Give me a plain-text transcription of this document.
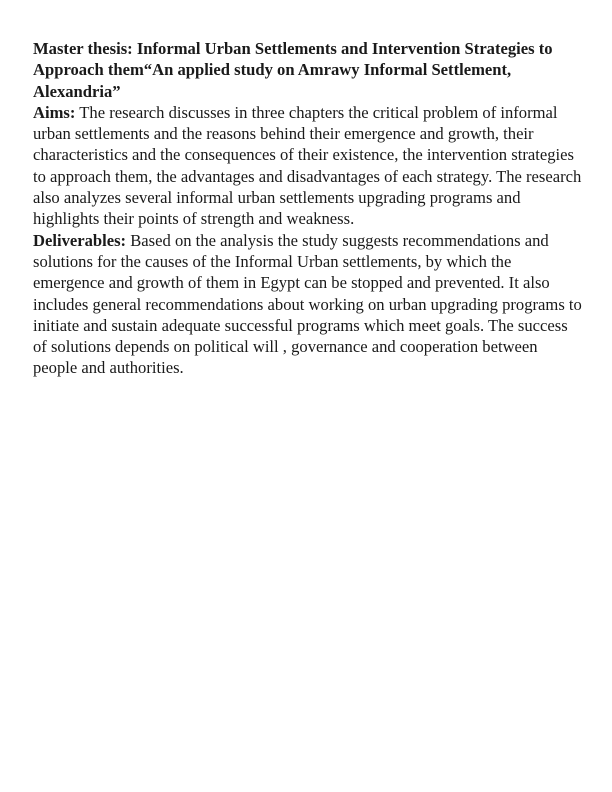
Master thesis: Informal Urban Settlements and Intervention Strategies to Approach them“An applied study on Amrawy Informal Settlement, Alexandria”

Aims: The research discusses in three chapters the critical problem of informal urban settlements and the reasons behind their emergence and growth, their characteristics and the consequences of their existence, the intervention strategies to approach them, the advantages and disadvantages of each strategy. The research also analyzes several informal urban settlements upgrading programs and highlights their points of strength and weakness.

Deliverables: Based on the analysis the study suggests recommendations and solutions for the causes of the Informal Urban settlements, by which the emergence and growth of them in Egypt can be stopped and prevented. It also includes general recommendations about working on urban upgrading programs to initiate and sustain adequate successful programs which meet goals. The success of solutions depends on political will , governance and cooperation between people and authorities.
